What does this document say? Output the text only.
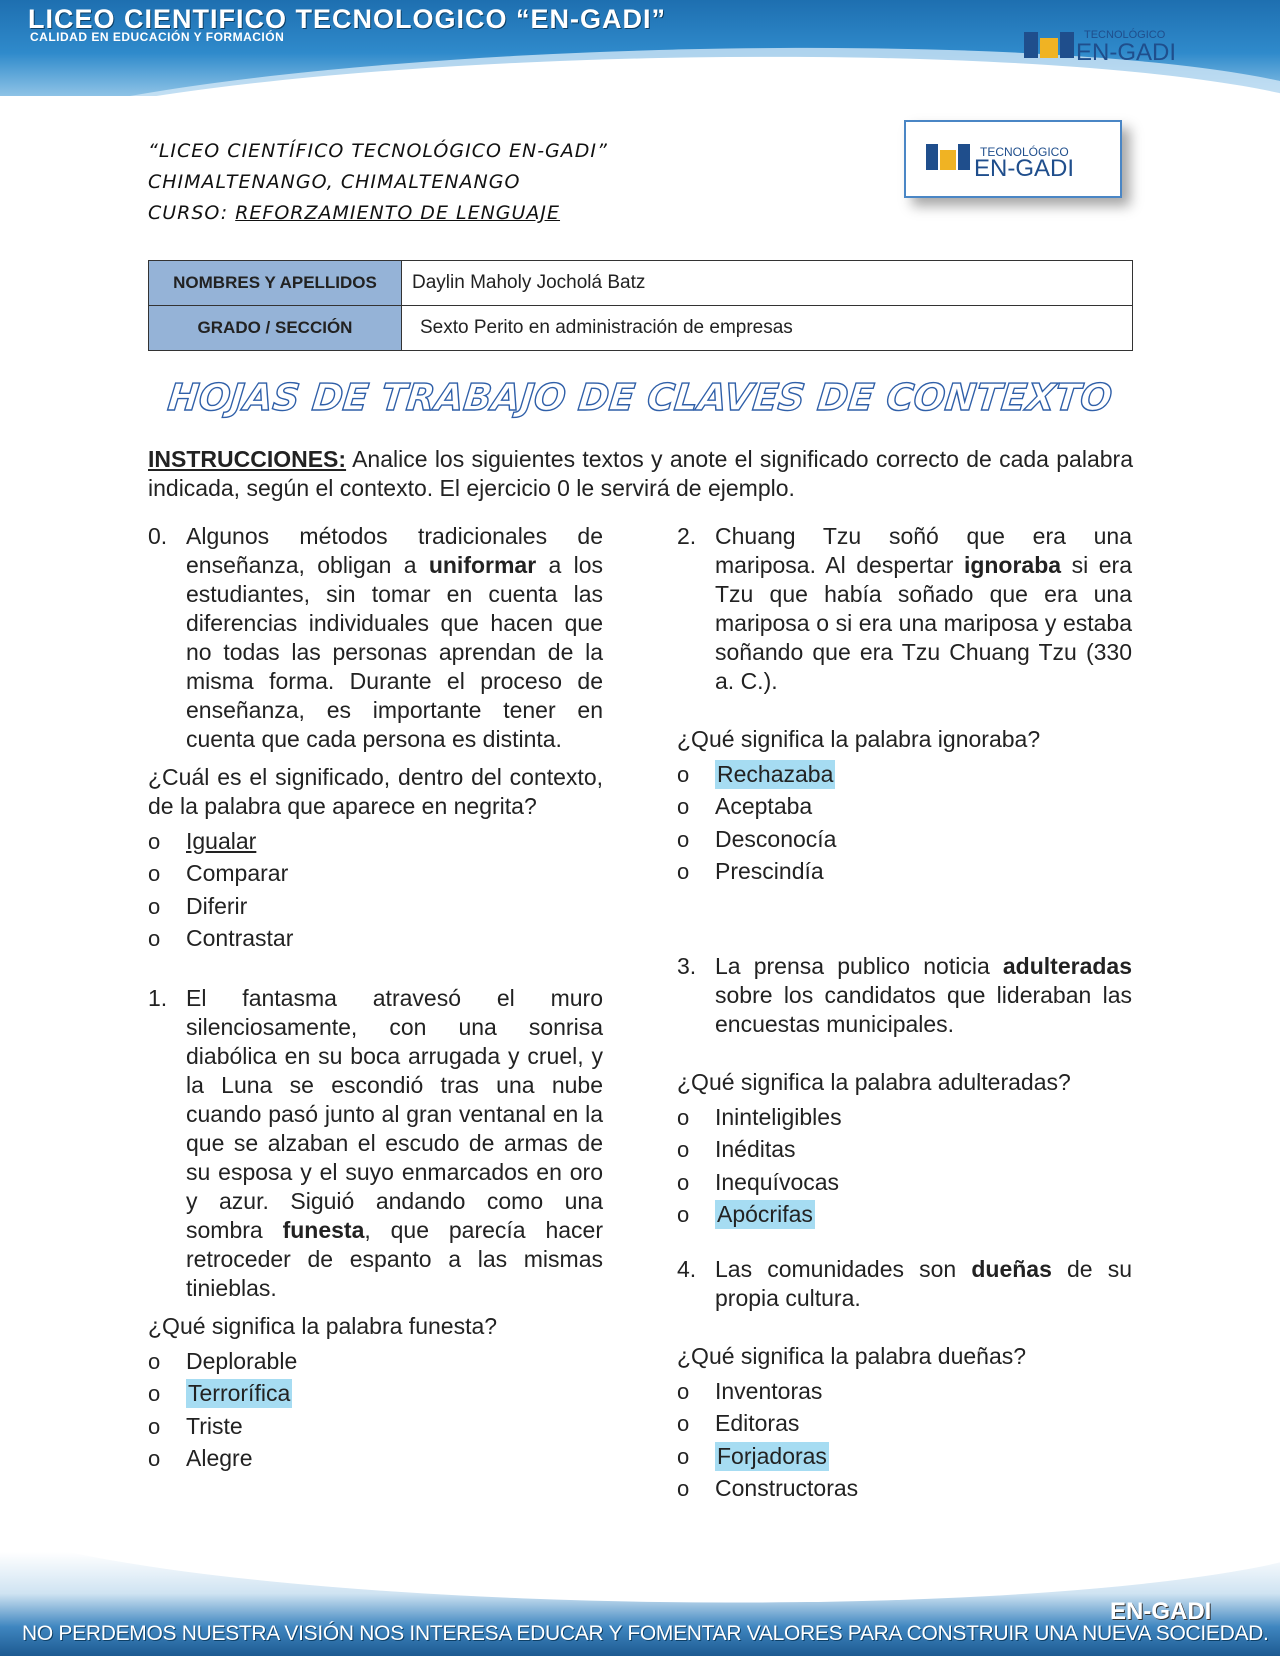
LICEO CIENTIFICO TECNOLOGICO “EN-GADI”
CALIDAD EN EDUCACIÓN Y FORMACIÓN	TECNOLÓGICO
EN-GADI
“LICEO CIENTÍFICO TECNOLÓGICO EN-GADI”
CHIMALTENANGO, CHIMALTENANGO
CURSO: REFORZAMIENTO DE LENGUAJE
TECNOLÓGICO
EN-GADI
NOMBRES Y APELLIDOS	Daylin Maholy Jocholá Batz
GRADO / SECCIÓN	Sexto Perito en administración de empresas
HOJAS DE TRABAJO DE CLAVES DE CONTEXTO
INSTRUCCIONES: Analice los siguientes textos y anote el significado correcto de cada palabra indicada, según el contexto. El ejercicio 0 le servirá de ejemplo.
0. Algunos métodos tradicionales de enseñanza, obligan a uniformar a los estudiantes, sin tomar en cuenta las diferencias individuales que hacen que no todas las personas aprendan de la misma forma. Durante el proceso de enseñanza, es importante tener en cuenta que cada persona es distinta.
¿Cuál es el significado, dentro del contexto, de la palabra que aparece en negrita?
o	Igualar
o	Comparar
o	Diferir
o	Contrastar
1. El fantasma atravesó el muro silenciosamente, con una sonrisa diabólica en su boca arrugada y cruel, y la Luna se escondió tras una nube cuando pasó junto al gran ventanal en la que se alzaban el escudo de armas de su esposa y el suyo enmarcados en oro y azur. Siguió andando como una sombra funesta, que parecía hacer retroceder de espanto a las mismas tinieblas.
¿Qué significa la palabra funesta?
o	Deplorable
o	Terrorífica
o	Triste
o	Alegre
2. Chuang Tzu soñó que era una mariposa. Al despertar ignoraba si era Tzu que había soñado que era una mariposa o si era una mariposa y estaba soñando que era Tzu Chuang Tzu (330 a. C.).
¿Qué significa la palabra ignoraba?
o	Rechazaba
o	Aceptaba
o	Desconocía
o	Prescindía
3. La prensa publico noticia adulteradas sobre los candidatos que lideraban las encuestas municipales.
¿Qué significa la palabra adulteradas?
o	Ininteligibles
o	Inéditas
o	Inequívocas
o	Apócrifas
4. Las comunidades son dueñas de su propia cultura.
¿Qué significa la palabra dueñas?
o	Inventoras
o	Editoras
o	Forjadoras
o	Constructoras
NO PERDEMOS NUESTRA VISIÓN NOS INTERESA EDUCAR Y FOMENTAR VALORES PARA CONSTRUIR UNA NUEVA SOCIEDAD.
EN-GADI
